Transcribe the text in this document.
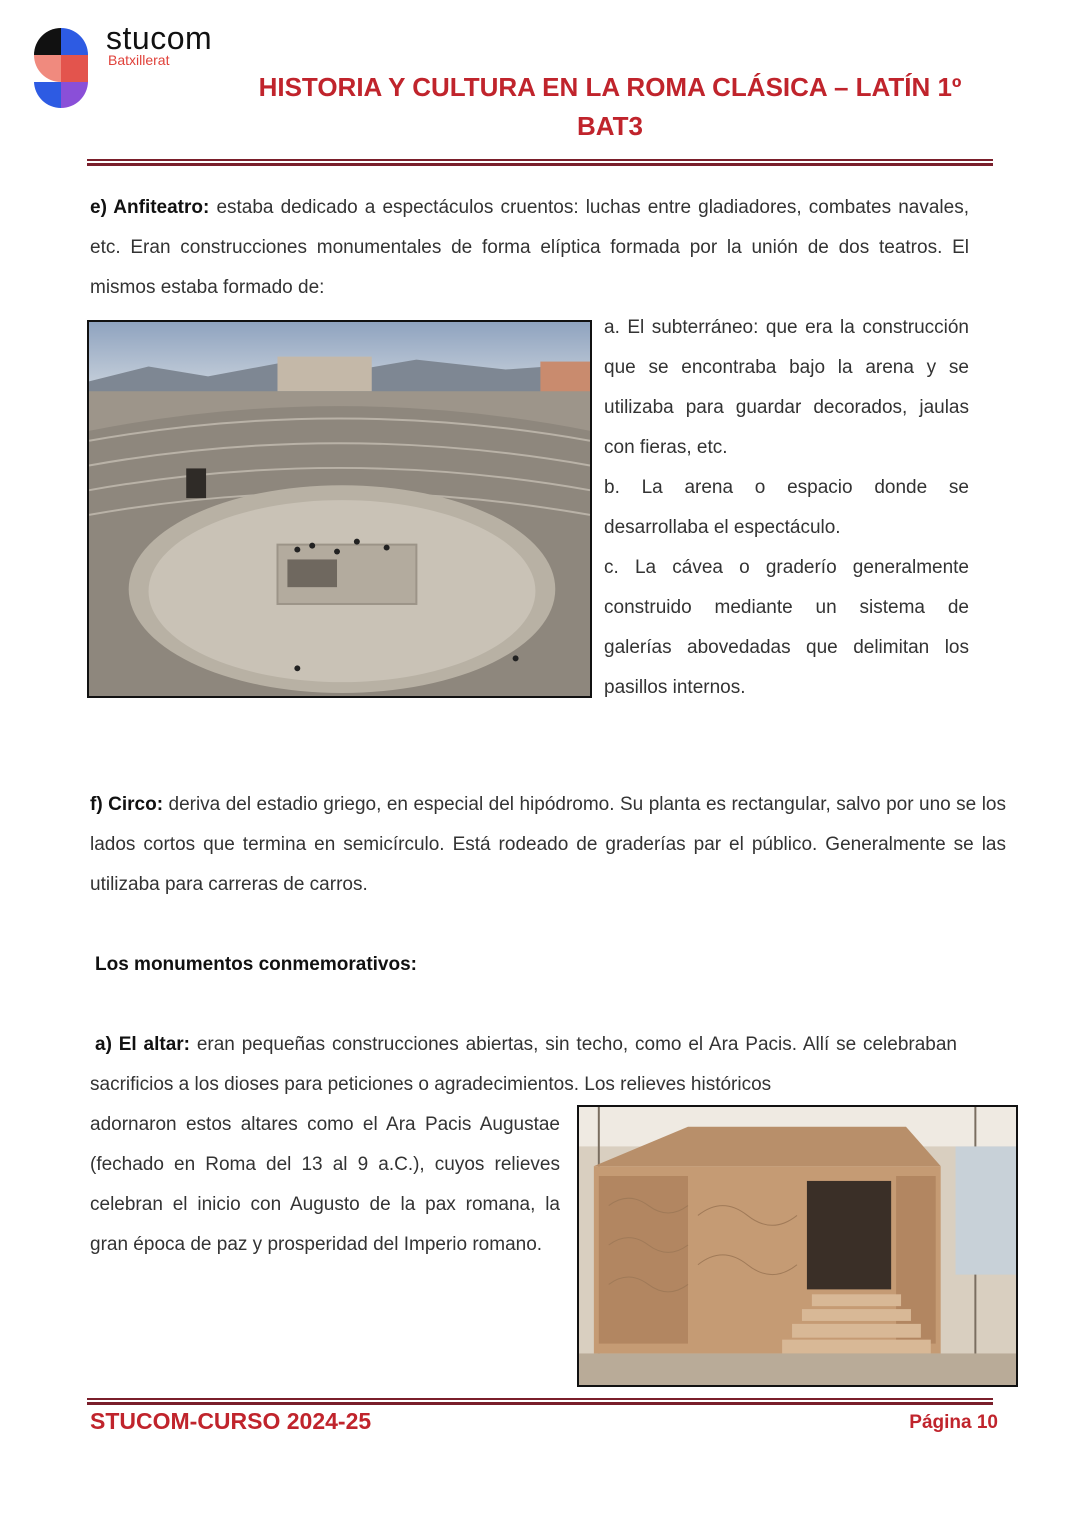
stucom
Batxillerat
HISTORIA Y CULTURA EN LA ROMA CLÁSICA – LATÍN 1º
BAT3

e) Anfiteatro: estaba dedicado a espectáculos cruentos: luchas entre gladiadores, combates navales, etc. Eran construcciones monumentales de forma elíptica formada por la unión de dos teatros. El mismos estaba formado de:

a. El subterráneo: que era la construcción que se encontraba bajo la arena y se utilizaba para guardar decorados, jaulas con fieras, etc.
b. La arena o espacio donde se desarrollaba el espectáculo.
c. La cávea o graderío generalmente construido mediante un sistema de galerías abovedadas que delimitan los pasillos internos.

f) Circo: deriva del estadio griego, en especial del hipódromo. Su planta es rectangular, salvo por uno se los lados cortos que termina en semicírculo. Está rodeado de graderías par el público. Generalmente se las utilizaba para carreras de carros.

Los monumentos conmemorativos:

a) El altar: eran pequeñas construcciones abiertas, sin techo, como el Ara Pacis. Allí se celebraban sacrificios a los dioses para peticiones o agradecimientos. Los relieves históricos

adornaron estos altares como el Ara Pacis Augustae (fechado en Roma del 13 al 9 a.C.), cuyos relieves celebran el inicio con Augusto de la pax romana, la gran época de paz y prosperidad del Imperio romano.

STUCOM-CURSO 2024-25	Página 10
